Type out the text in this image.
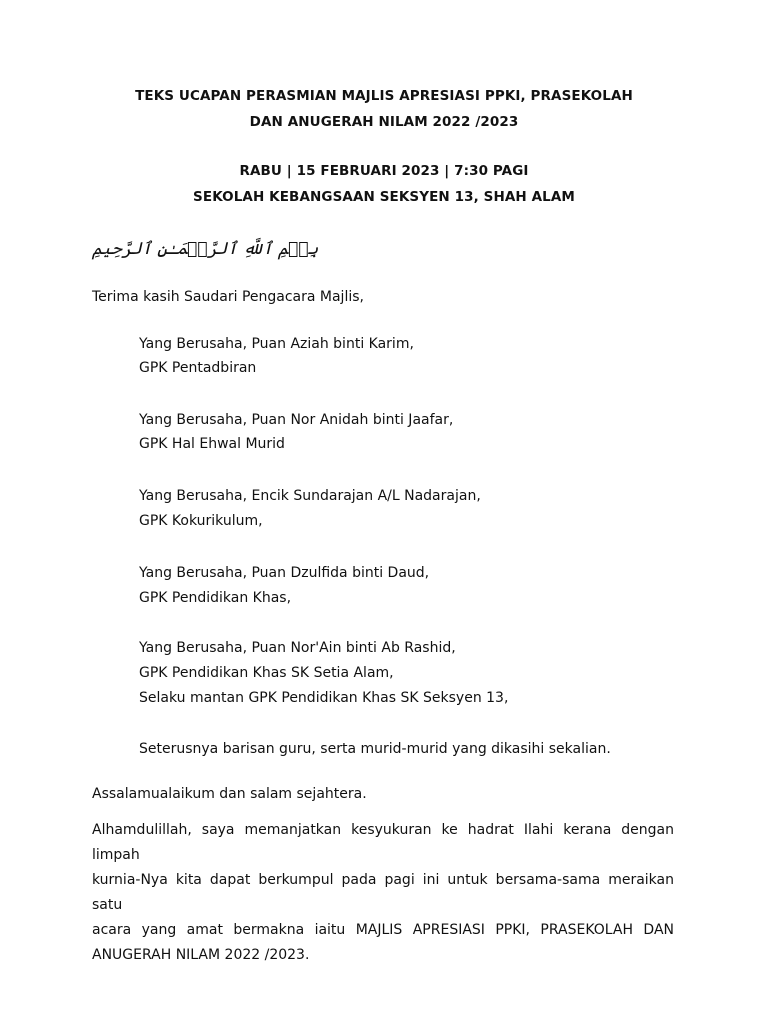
TEKS UCAPAN PERASMIAN MAJLIS APRESIASI PPKI, PRASEKOLAH
DAN ANUGERAH NILAM 2022 /2023
RABU | 15 FEBRUARI 2023 | 7:30 PAGI
SEKOLAH KEBANGSAAN SEKSYEN 13, SHAH ALAM
بِسۡمِ ٱللَّهِ ٱلرَّحۡمَـٰنِ ٱلرَّحِيمِ
Terima kasih Saudari Pengacara Majlis,
Yang Berusaha, Puan Aziah binti Karim,
GPK Pentadbiran
Yang Berusaha, Puan Nor Anidah binti Jaafar,
GPK Hal Ehwal Murid
Yang Berusaha, Encik Sundarajan A/L Nadarajan,
GPK Kokurikulum,
Yang Berusaha, Puan Dzulfida binti Daud,
GPK Pendidikan Khas,
Yang Berusaha, Puan Nor'Ain binti Ab Rashid,
GPK Pendidikan Khas SK Setia Alam,
Selaku mantan GPK Pendidikan Khas SK Seksyen 13,
Seterusnya barisan guru, serta murid-murid yang dikasihi sekalian.
Assalamualaikum dan salam sejahtera.
Alhamdulillah, saya memanjatkan kesyukuran ke hadrat Ilahi kerana dengan limpah
kurnia-Nya kita dapat berkumpul pada pagi ini untuk bersama-sama meraikan satu
acara yang amat bermakna iaitu MAJLIS APRESIASI PPKI, PRASEKOLAH DAN
ANUGERAH NILAM 2022 /2023.
